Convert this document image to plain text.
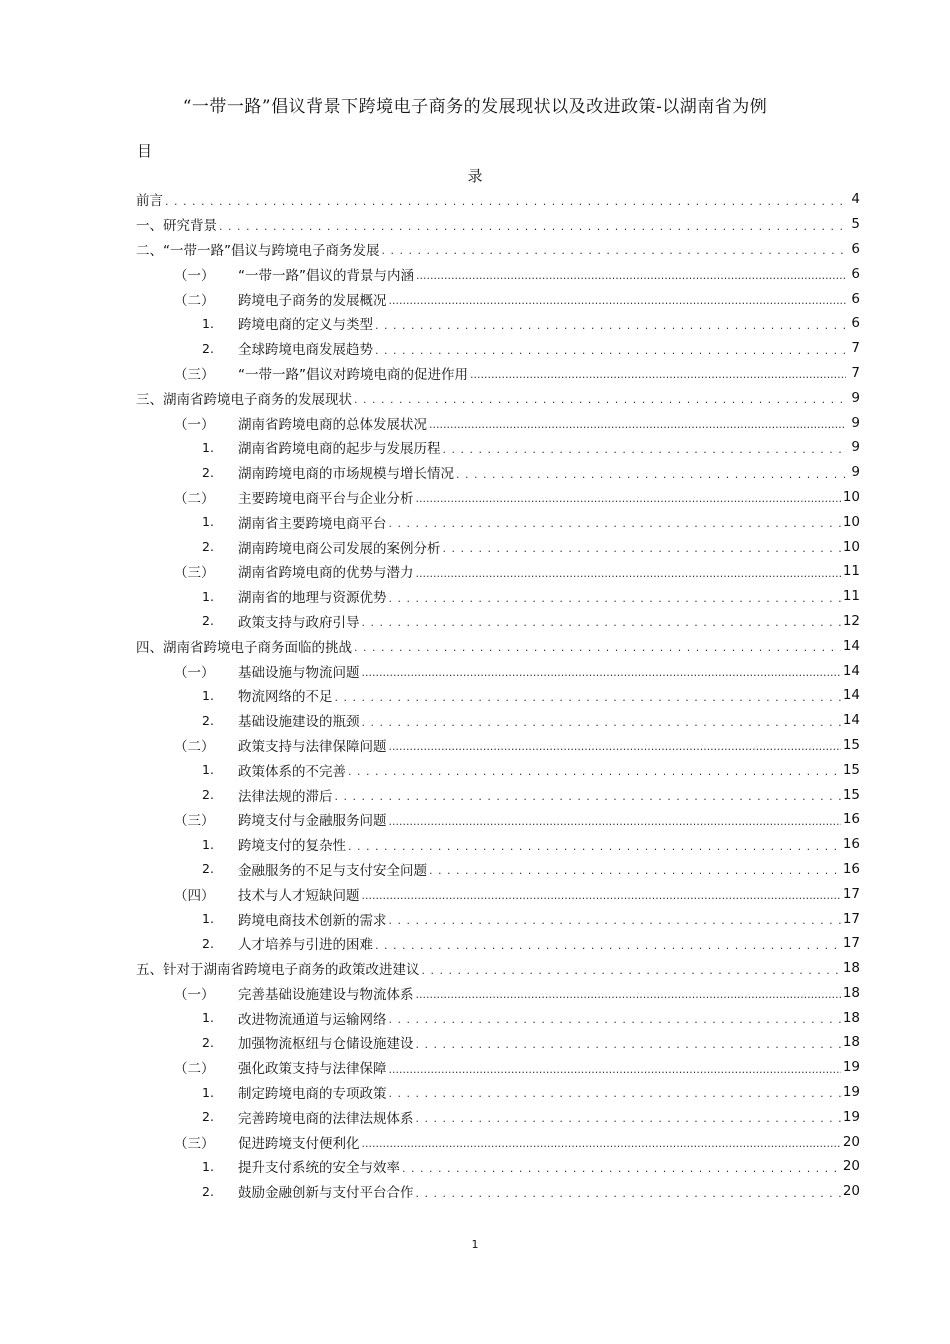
“一带一路”倡议背景下跨境电子商务的发展现状以及改进政策-以湖南省为例
目
录
前言 . . .	4
一、研究背景 . . .	5
二、“一带一路”倡议与跨境电子商务发展 . . .	6
（一）	“一带一路”倡议的背景与内涵 .....	6
（二）	跨境电子商务的发展概况 .....	6
1.	跨境电商的定义与类型 . . .	6
2.	全球跨境电商发展趋势 . . .	7
（三）	“一带一路”倡议对跨境电商的促进作用 .....	7
三、湖南省跨境电子商务的发展现状 . . .	9
（一）	湖南省跨境电商的总体发展状况 .....	9
1.	湖南省跨境电商的起步与发展历程 . . .	9
2.	湖南跨境电商的市场规模与增长情况 . . .	9
（二）	主要跨境电商平台与企业分析 .....	10
1.	湖南省主要跨境电商平台 . . .	10
2.	湖南跨境电商公司发展的案例分析 . . .	10
（三）	湖南省跨境电商的优势与潜力 .....	11
1.	湖南省的地理与资源优势 . . .	11
2.	政策支持与政府引导 . . .	12
四、湖南省跨境电子商务面临的挑战 . . .	14
（一）	基础设施与物流问题 .....	14
1.	物流网络的不足 . . .	14
2.	基础设施建设的瓶颈 . . .	14
（二）	政策支持与法律保障问题 .....	15
1.	政策体系的不完善 . . .	15
2.	法律法规的滞后 . . .	15
（三）	跨境支付与金融服务问题 .....	16
1.	跨境支付的复杂性 . . .	16
2.	金融服务的不足与支付安全问题 . . .	16
（四）	技术与人才短缺问题 .....	17
1.	跨境电商技术创新的需求 . . .	17
2.	人才培养与引进的困难 . . .	17
五、针对于湖南省跨境电子商务的政策改进建议 . . .	18
（一）	完善基础设施建设与物流体系 .....	18
1.	改进物流通道与运输网络 . . .	18
2.	加强物流枢纽与仓储设施建设 . . .	18
（二）	强化政策支持与法律保障 .....	19
1.	制定跨境电商的专项政策 . . .	19
2.	完善跨境电商的法律法规体系 . . .	19
（三）	促进跨境支付便利化 .....	20
1.	提升支付系统的安全与效率 . . .	20
2.	鼓励金融创新与支付平台合作 . . .	20
1
